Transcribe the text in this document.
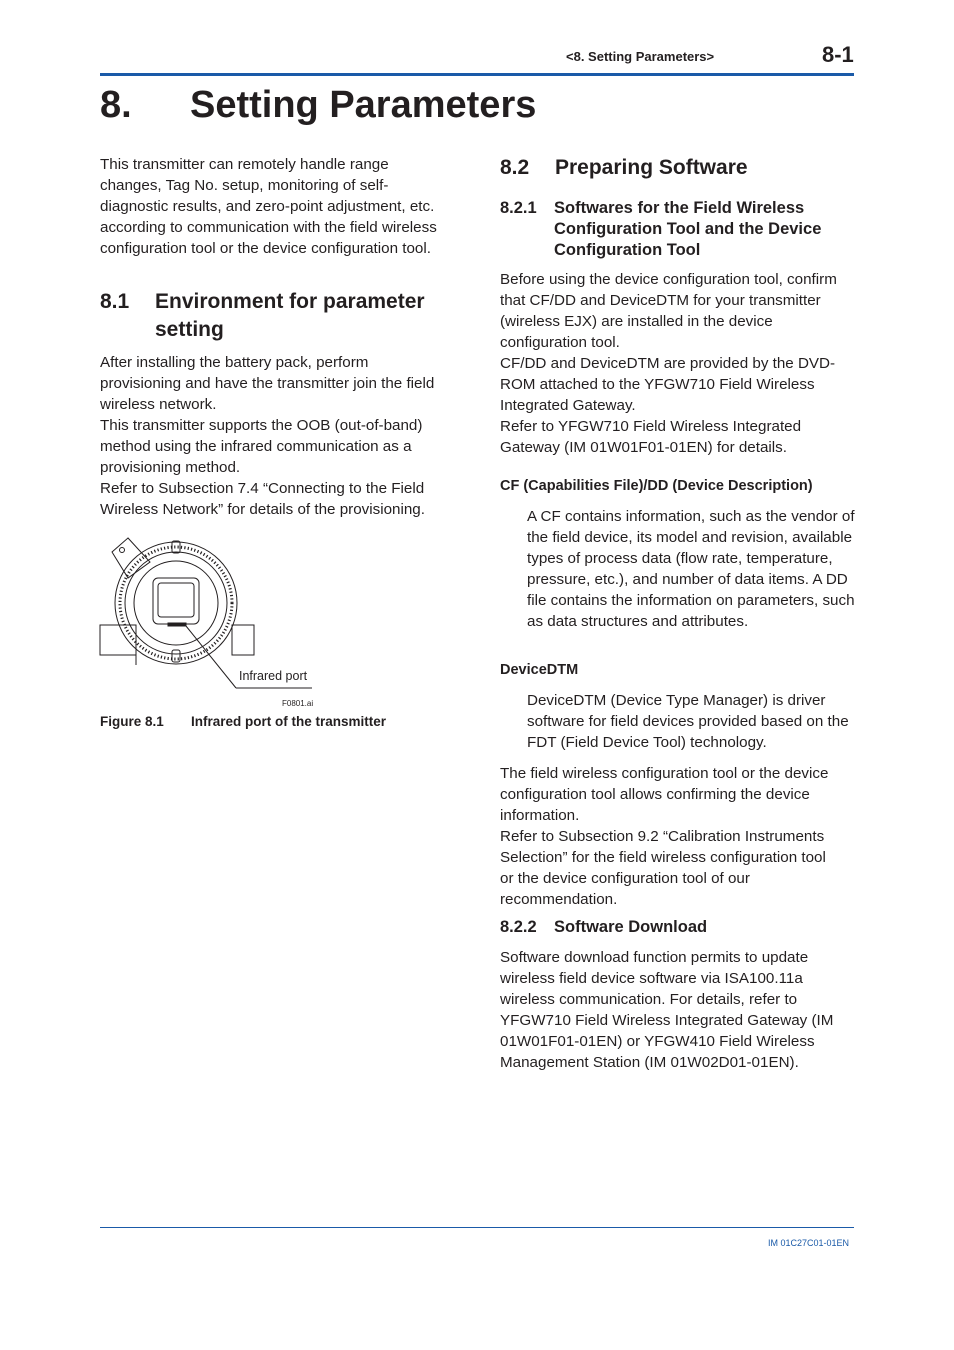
<8. Setting Parameters>	8-1
8. Setting Parameters

This transmitter can remotely handle range changes, Tag No. setup, monitoring of self-diagnostic results, and zero-point adjustment, etc. according to communication with the field wireless configuration tool or the device configuration tool.

8.1 Environment for parameter
setting

After installing the battery pack, perform provisioning and have the transmitter join the field wireless network.

This transmitter supports the OOB (out-of-band) method using the infrared communication as a provisioning method.

Refer to Subsection 7.4 “Connecting to the Field Wireless Network” for details of the provisioning.

Infrared port
F0801.ai
Figure 8.1 Infrared port of the transmitter
8.2 Preparing Software
8.2.1 Softwares for the Field Wireless
Configuration Tool and the Device
Configuration Tool

Before using the device configuration tool, confirm that CF/DD and DeviceDTM for your transmitter (wireless EJX) are installed in the device configuration tool.

CF/DD and DeviceDTM are provided by the DVD-ROM attached to the YFGW710 Field Wireless Integrated Gateway.

Refer to YFGW710 Field Wireless Integrated Gateway (IM 01W01F01-01EN) for details.

CF (Capabilities File)/DD (Device Description)

A CF contains information, such as the vendor of the field device, its model and revision, available types of process data (flow rate, temperature, pressure, etc.), and number of data items. A DD file contains the information on parameters, such as data structures and attributes.

DeviceDTM

DeviceDTM (Device Type Manager) is driver software for field devices provided based on the FDT (Field Device Tool) technology.

The field wireless configuration tool or the device configuration tool allows confirming the device information.

Refer to Subsection 9.2 “Calibration Instruments Selection” for the field wireless configuration tool or the device configuration tool of our recommendation.

8.2.2 Software Download

Software download function permits to update wireless field device software via ISA100.11a wireless communication. For details, refer to YFGW710 Field Wireless Integrated Gateway (IM 01W01F01-01EN) or YFGW410 Field Wireless Management Station (IM 01W02D01-01EN).

IM 01C27C01-01EN
